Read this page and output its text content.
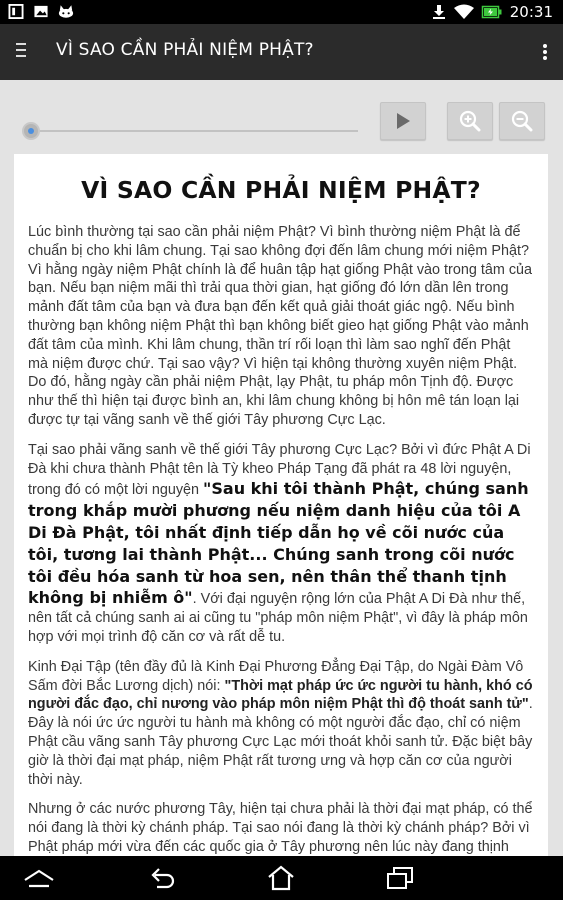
20:31
VÌ SAO CẦN PHẢI NIỆM PHẬT?
VÌ SAO CẦN PHẢI NIỆM PHẬT?

Lúc bình thường tại sao cần phải niệm Phật? Vì bình thường niệm Phật là để chuẩn bị cho khi lâm chung. Tại sao không đợi đến lâm chung mới niệm Phật? Vì hằng ngày niệm Phật chính là để huân tập hạt giống Phật vào trong tâm của bạn. Nếu bạn niệm mãi thì trải qua thời gian, hạt giống đó lớn dần lên trong mảnh đất tâm của bạn và đưa bạn đến kết quả giải thoát giác ngộ. Nếu bình thường bạn không niệm Phật thì bạn không biết gieo hạt giống Phật vào mảnh đất tâm của mình. Khi lâm chung, thần trí rối loạn thì làm sao nghĩ đến Phật mà niệm được chứ. Tại sao vậy? Vì hiện tại không thường xuyên niệm Phật. Do đó, hằng ngày cần phải niệm Phật, lạy Phật, tu pháp môn Tịnh độ. Được như thế thì hiện tại được bình an, khi lâm chung không bị hôn mê tán loạn lại được tự tại vãng sanh về thế giới Tây phương Cực Lạc.

Tại sao phải vãng sanh về thế giới Tây phương Cực Lạc? Bởi vì đức Phật A Di Đà khi chưa thành Phật tên là Tỳ kheo Pháp Tạng đã phát ra 48 lời nguyện, trong đó có một lời nguyện "Sau khi tôi thành Phật, chúng sanh trong khắp mười phương nếu niệm danh hiệu của tôi A Di Đà Phật, tôi nhất định tiếp dẫn họ về cõi nước của tôi, tương lai thành Phật... Chúng sanh trong cõi nước tôi đều hóa sanh từ hoa sen, nên thân thể thanh tịnh không bị nhiễm ô". Với đại nguyện rộng lớn của Phật A Di Đà như thế, nên tất cả chúng sanh ai ai cũng tu "pháp môn niệm Phật", vì đây là pháp môn hợp với mọi trình độ căn cơ và rất dễ tu.

Kinh Đại Tập (tên đầy đủ là Kinh Đại Phương Đẳng Đại Tập, do Ngài Đàm Vô Sấm đời Bắc Lương dịch) nói: "Thời mạt pháp ức ức người tu hành, khó có người đắc đạo, chỉ nương vào pháp môn niệm Phật thì độ thoát sanh tử". Đây là nói ức ức người tu hành mà không có một người đắc đạo, chỉ có niệm Phật cầu vãng sanh Tây phương Cực Lạc mới thoát khỏi sanh tử. Đặc biệt bây giờ là thời đại mạt pháp, niệm Phật rất tương ưng và hợp căn cơ của người thời này.

Nhưng ở các nước phương Tây, hiện tại chưa phải là thời đại mạt pháp, có thể nói đang là thời kỳ chánh pháp. Tại sao nói đang là thời kỳ chánh pháp? Bởi vì Phật pháp mới vừa đến các quốc gia ở Tây phương nên lúc này đang thịnh
